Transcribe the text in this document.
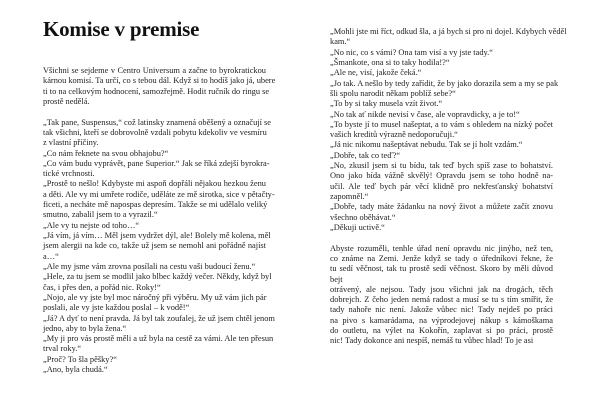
Komise v premise
Všichni se sejdeme v Centro Universum a začne to byrokratickou
kárnou komisí. Ta určí, co s tebou dál. Když si to hodíš jako já, ubere
ti to na celkovým hodnocení, samozřejmě. Hodit ručník do ringu se
prostě nedělá.
„Tak pane, Suspensus,“ což latinsky znamená oběšený a označují se
tak všichni, kteří se dobrovolně vzdali pobytu kdekoliv ve vesmíru
z vlastní příčiny.
„Co nám řeknete na svou obhajobu?“
„Co vám budu vyprávět, pane Superior.“ Jak se říká zdejší byrokra-
tické vrchnosti.
„Prostě to nešlo! Kdybyste mi aspoň dopřáli nějakou hezkou ženu
a děti. Ale vy mi umřete rodiče, uděláte ze mě sirotka, sice v pětačty-
ficeti, a necháte mě napospas depresím. Takže se mi udělalo veliký
smutno, zabalil jsem to a vyrazil.“
„Ale vy tu nejste od toho…“
„Já vím, já vím… Měl jsem vydržet dýl, ale! Bolely mě kolena, měl
jsem alergii na kde co, takže už jsem se nemohl ani pořádně najíst
a…“
„Ale my jsme vám zrovna posílali na cestu vaši budoucí ženu.“
„Hele, za tu jsem se modlil jako blbec každý večer. Někdy, když byl
čas, i přes den, a pořád nic. Roky!“
„Nojo, ale vy jste byl moc náročný při výběru. My už vám jich pár
poslali, ale vy jste každou poslal – k vodě!“
„Já? A dyť to není pravda. Já byl tak zoufalej, že už jsem chtěl jenom
jedno, aby to byla žena.“
„My ji pro vás prostě měli a už byla na cestě za vámi. Ale ten přesun
trval roky.“
„Proč? To šla pěšky?“
„Ano, byla chudá.“
„Mohli jste mi říct, odkud šla, a já bych si pro ni dojel. Kdybych věděl
kam.“
„No nic, co s vámi? Ona tam visí a vy jste tady.“
„Šmankote, ona si to taky hodila!?“
„Ale ne, visí, jakože čeká.“
„Jo tak. A nešlo by tedy zařídit, že by jako dorazila sem a my se pak
šli spolu narodit někam poblíž sebe?“
„To by si taky musela vzít život.“
„No tak ať nikde nevisí v čase, ale vopravdicky, a je to!“
„To byste jí to musel našeptat, a to vám s ohledem na nízký počet
vašich kreditů výrazně nedoporučuji.“
„Já nic nikomu našeptávat nebudu. Tak se jí holt vzdám.“
„Dobře, tak co teď?“
„No, zkusil jsem si tu bídu, tak teď bych spíš zase to bohatství.
Ono jako bída vážně skvělý! Opravdu jsem se toho hodně na-
učil. Ale teď bych pár věcí klidně pro nekřesťanský bohatství
zapomněl.“
„Dobře, tady máte žádanku na nový život a můžete začít znovu
všechno oběhávat.“
„Děkuji uctivě.“
Abyste rozuměli, tenhle úřad není opravdu nic jinýho, než ten,
co známe na Zemi. Jenže když se tady o úředníkovi řekne, že
tu sedí věčnost, tak tu prostě sedí věčnost. Skoro by měli důvod
bejt
otrávený, ale nejsou. Tady jsou všichni jak na drogách, těch
dobrejch. Z čeho jeden nemá radost a musí se tu s tím smířit, že
tady nahoře nic není. Jakože vůbec nic! Tady nejdeš po práci
na pivo s kamarádama, na výprodejovej nákup s kámoškama
do outletu, na výlet na Kokořín, zaplavat si po práci, prostě
nic! Tady dokonce ani nespíš, nemáš tu vůbec hlad! To je asi
